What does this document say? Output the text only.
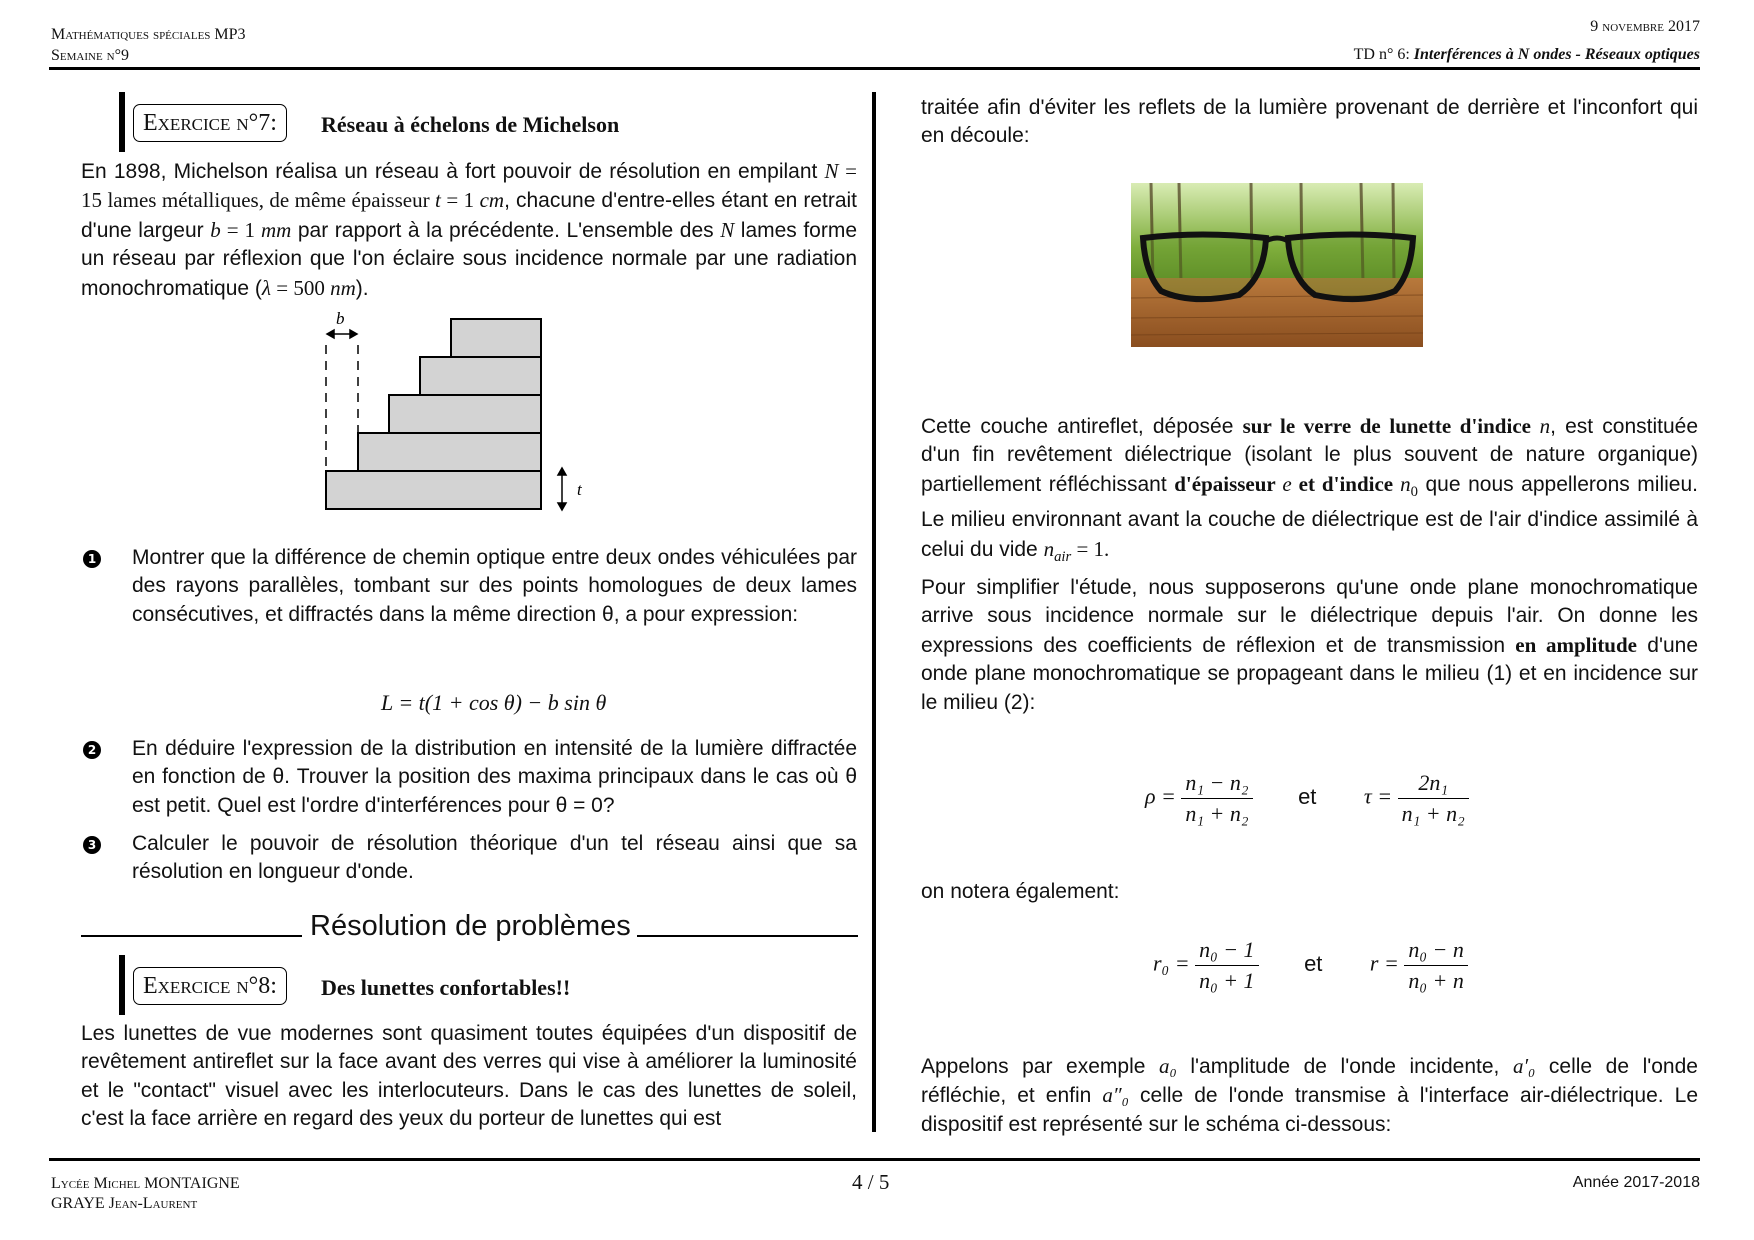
Mathématiques spéciales MP3
Semaine n°9
9 novembre 2017
TD n° 6: Interférences à N ondes - Réseaux optiques
Exercice n°7:	Réseau à échelons de Michelson

En 1898, Michelson réalisa un réseau à fort pouvoir de résolution en empilant N = 15 lames métalliques, de même épaisseur t = 1 cm, chacune d'entre-elles étant en retrait d'une largeur b = 1 mm par rapport à la précédente. L'ensemble des N lames forme un réseau par réflexion que l'on éclaire sous incidence normale par une radiation monochromatique (λ = 500 nm).

b
t
1 Montrer que la différence de chemin optique entre deux ondes véhiculées par des rayons parallèles, tombant sur des points homologues de deux lames consécutives, et diffractés dans la même direction θ, a pour expression:

L = t(1 + cos θ) − b sin θ
2 En déduire l'expression de la distribution en intensité de la lumière diffractée en fonction de θ. Trouver la position des maxima principaux dans le cas où θ est petit. Quel est l'ordre d'interférences pour θ = 0?

3 Calculer le pouvoir de résolution théorique d'un tel réseau ainsi que sa résolution en longueur d'onde.

Résolution de problèmes
Exercice n°8:	Des lunettes confortables!!

Les lunettes de vue modernes sont quasiment toutes équipées d'un dispositif de revêtement antireflet sur la face avant des verres qui vise à améliorer la luminosité et le "contact" visuel avec les interlocuteurs. Dans le cas des lunettes de soleil, c'est la face arrière en regard des yeux du porteur de lunettes qui est

traitée afin d'éviter les reflets de la lumière provenant de derrière et l'inconfort qui en découle:

Cette couche antireflet, déposée sur le verre de lunette d'indice n, est constituée d'un fin revêtement diélectrique (isolant le plus souvent de nature organique) partiellement réfléchissant d'épaisseur e et d'indice $n_0$ que nous appellerons milieu. Le milieu environnant avant la couche de diélectrique est de l'air d'indice assimilé à celui du vide $n_{air} = 1$.

Pour simplifier l'étude, nous supposerons qu'une onde plane monochromatique arrive sous incidence normale sur le diélectrique depuis l'air. On donne les expressions des coefficients de réflexion et de transmission en amplitude d'une onde plane monochromatique se propageant dans le milieu (1) et en incidence sur le milieu (2):

$\rho = \frac{\text{n₁ − n₂}}{\text{n₁ + n₂}}$ et $\tau = \frac{\text{2n₁}}{\text{n₁ + n₂}}$
on notera également:
$r_0 = \frac{\text{n₀ − 1}}{\text{n₀ + 1}}$ et $r = \frac{\text{n₀ − n}}{\text{n₀ + n}}$

Appelons par exemple a₀ l'amplitude de l'onde incidente, a′₀ celle de l'onde réfléchie, et enfin a″₀ celle de l'onde transmise à l'interface air-diélectrique. Le dispositif est représenté sur le schéma ci-dessous:

Lycée Michel MONTAIGNE
GRAYE Jean-Laurent
4 / 5	Année 2017-2018
